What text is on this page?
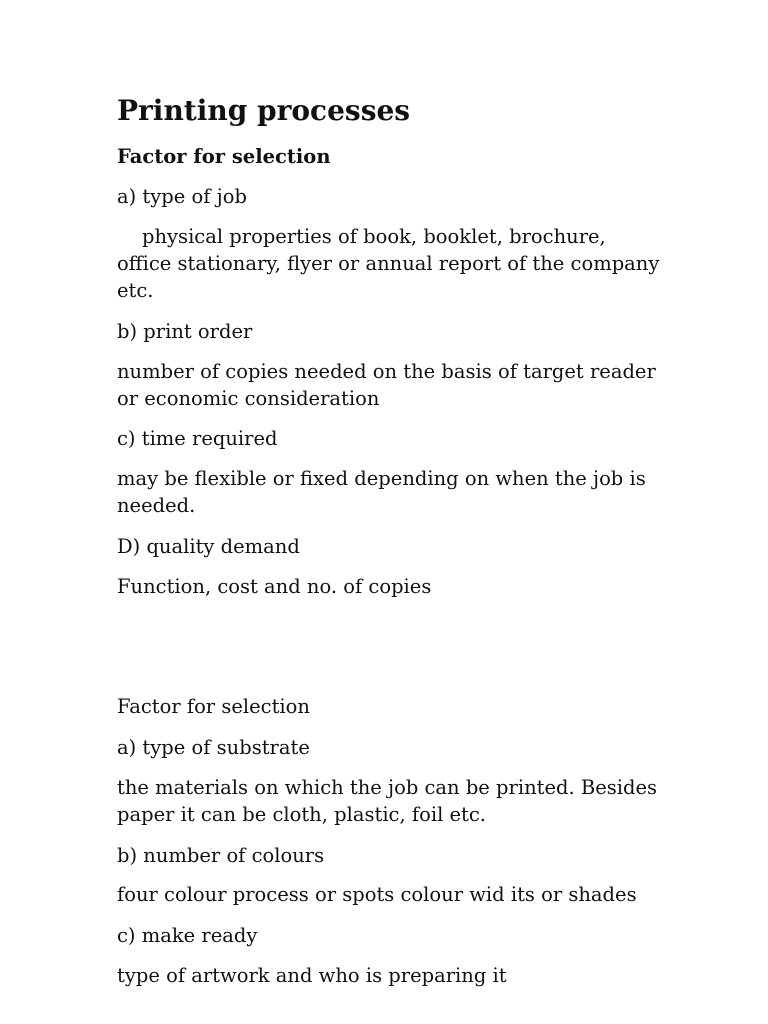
Printing processes

Factor for selection

a) type of job

physical properties of book, booklet, brochure, office stationary, flyer or annual report of the company etc.

b) print order

number of copies needed on the basis of target reader or economic consideration

c) time required

may be flexible or fixed depending on when the job is needed.

D) quality demand

Function, cost and no. of copies

Factor for selection

a) type of substrate

the materials on which the job can be printed. Besides paper it can be cloth, plastic, foil etc.

b) number of colours

four colour process or spots colour wid its or shades

c) make ready

type of artwork and who is preparing it
